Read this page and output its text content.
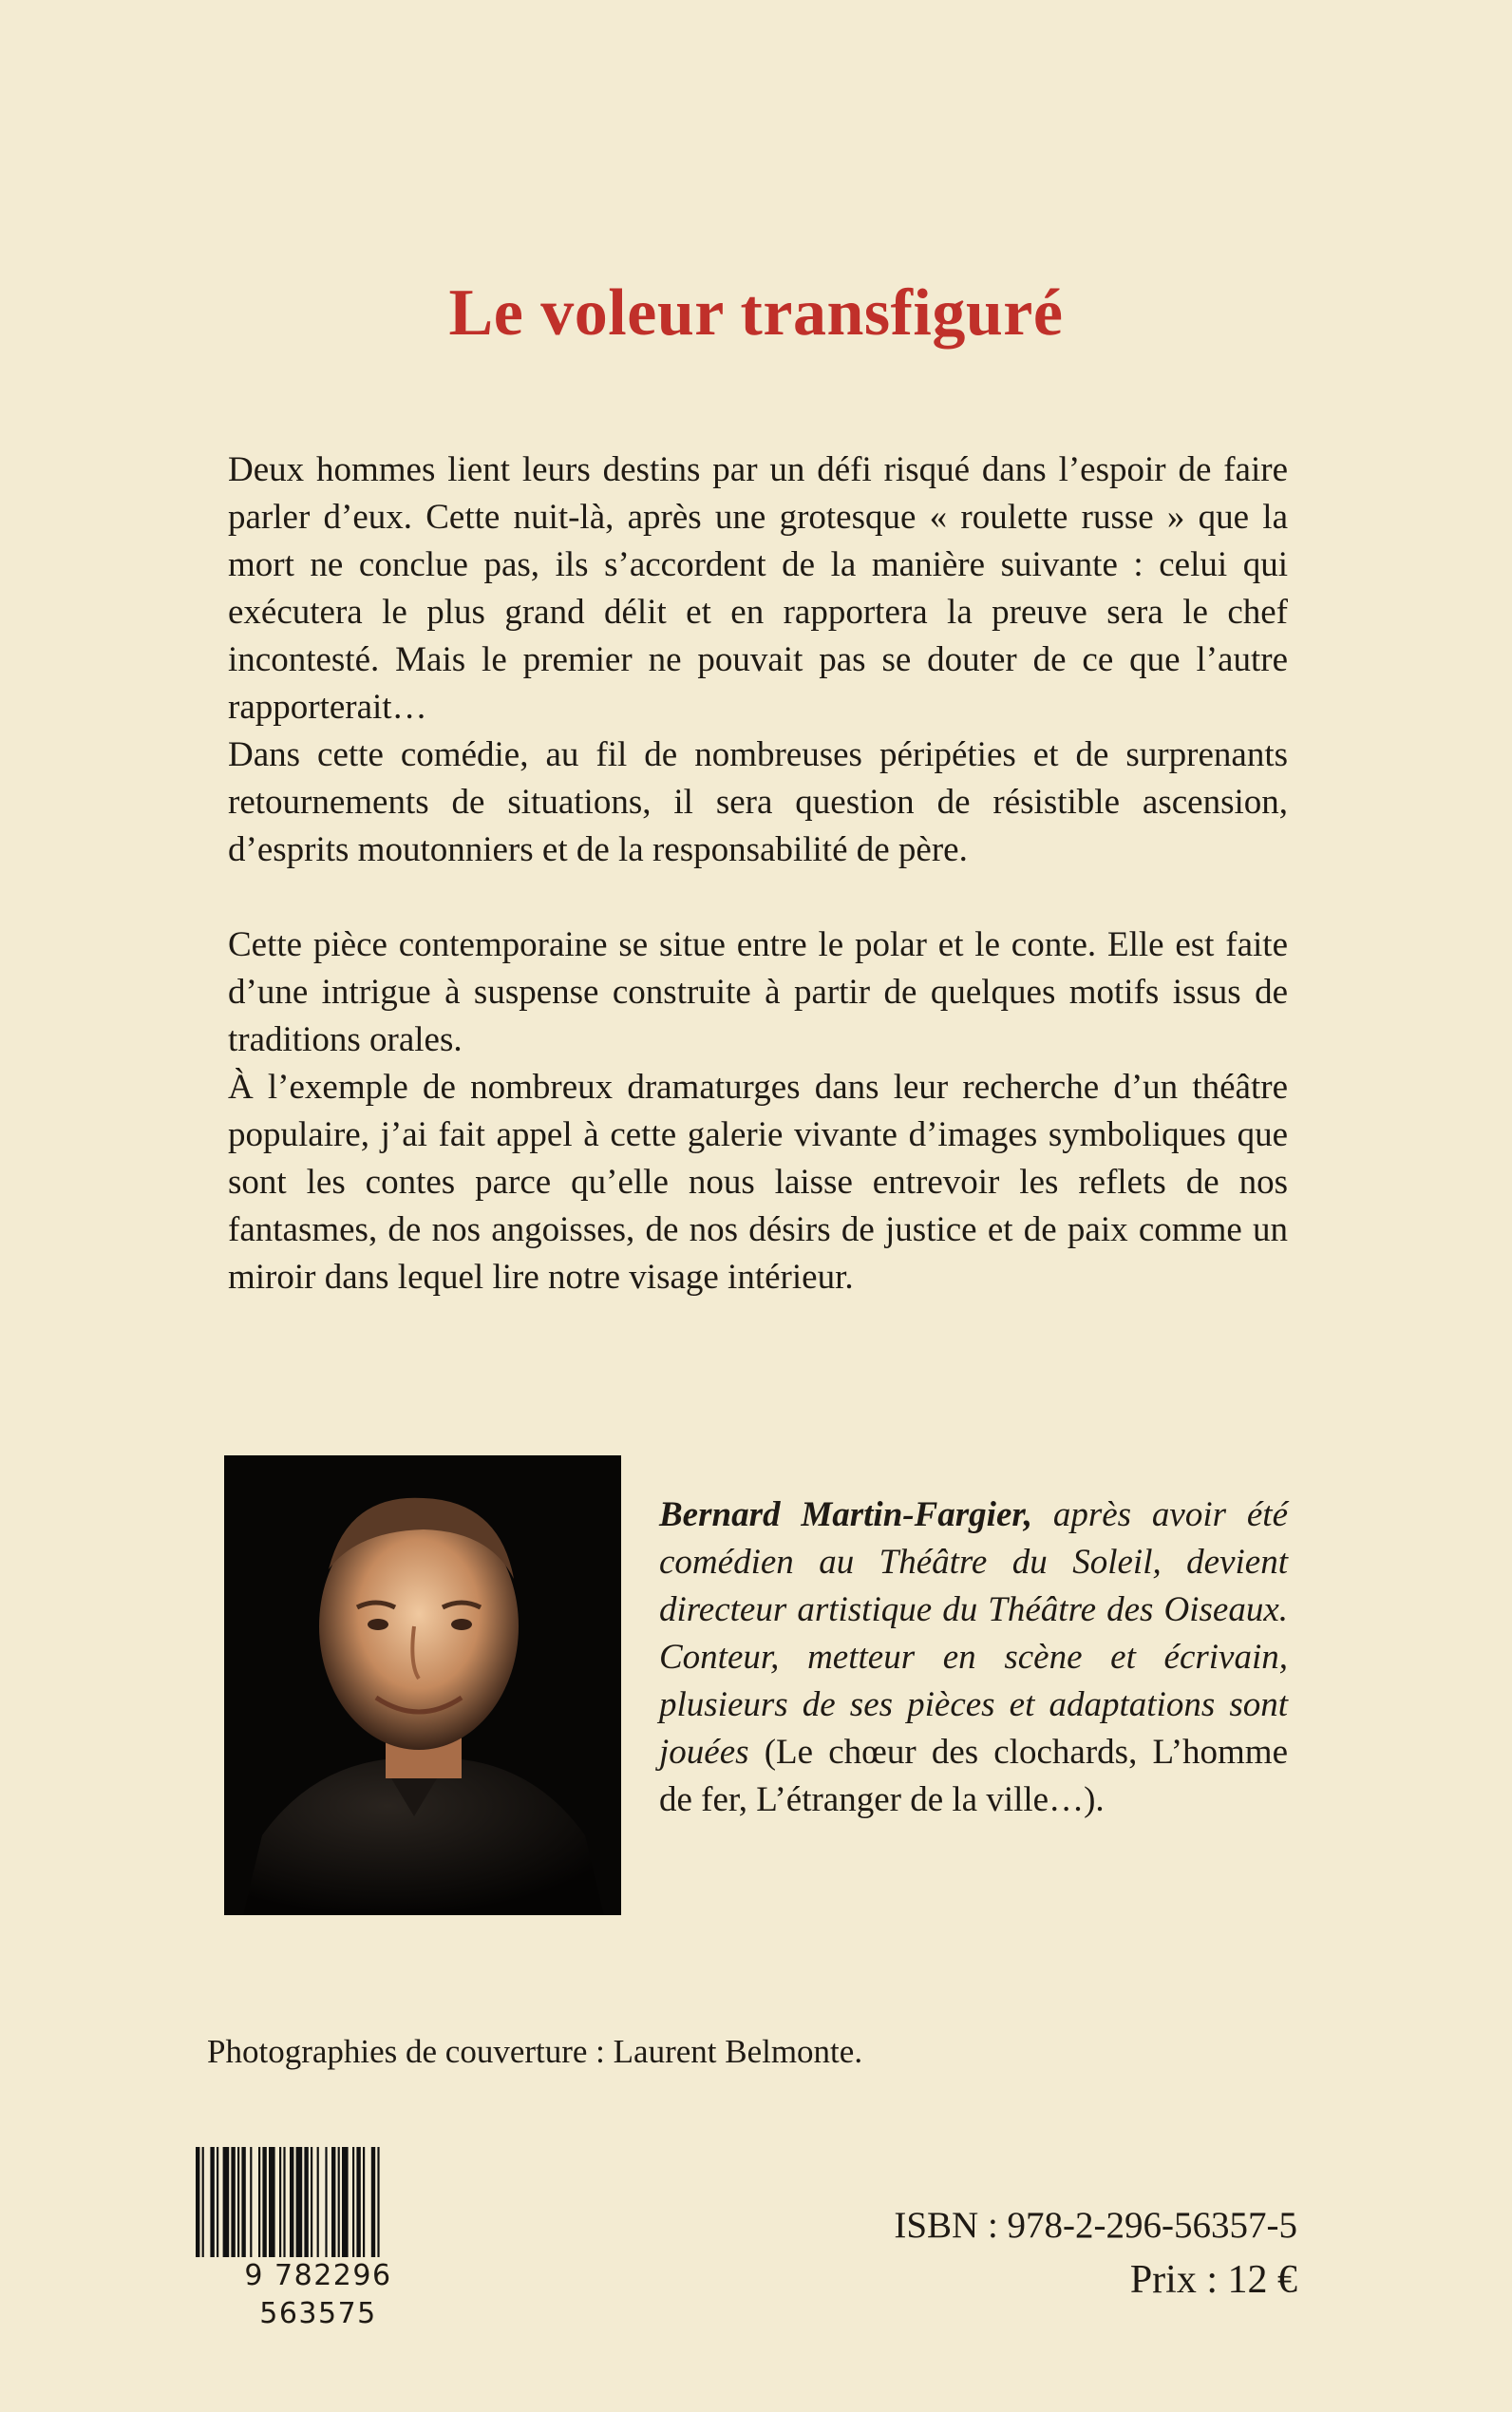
Le voleur transfiguré

Deux hommes lient leurs destins par un défi risqué dans l’espoir de faire parler d’eux. Cette nuit-là, après une grotesque « roulette russe » que la mort ne conclue pas, ils s’accordent de la manière suivante : celui qui exécutera le plus grand délit et en rapportera la preuve sera le chef incontesté. Mais le premier ne pouvait pas se douter de ce que l’autre rapporterait…

Dans cette comédie, au fil de nombreuses péripéties et de surprenants retournements de situations, il sera question de résistible ascension, d’esprits moutonniers et de la responsabilité de père.

Cette pièce contemporaine se situe entre le polar et le conte. Elle est faite d’une intrigue à suspense construite à partir de quelques motifs issus de traditions orales.

À l’exemple de nombreux dramaturges dans leur recherche d’un théâtre populaire, j’ai fait appel à cette galerie vivante d’images symboliques que sont les contes parce qu’elle nous laisse entrevoir les reflets de nos fantasmes, de nos angoisses, de nos désirs de justice et de paix comme un miroir dans lequel lire notre visage intérieur.

Bernard Martin-Fargier, après avoir été comédien au Théâtre du Soleil, devient directeur artistique du Théâtre des Oiseaux. Conteur, metteur en scène et écrivain, plusieurs de ses pièces et adaptations sont jouées (Le chœur des clochards, L’homme de fer, L’étranger de la ville…).
Photographies de couverture : Laurent Belmonte.
9 782296 563575
ISBN : 978-2-296-56357-5
Prix : 12 €
